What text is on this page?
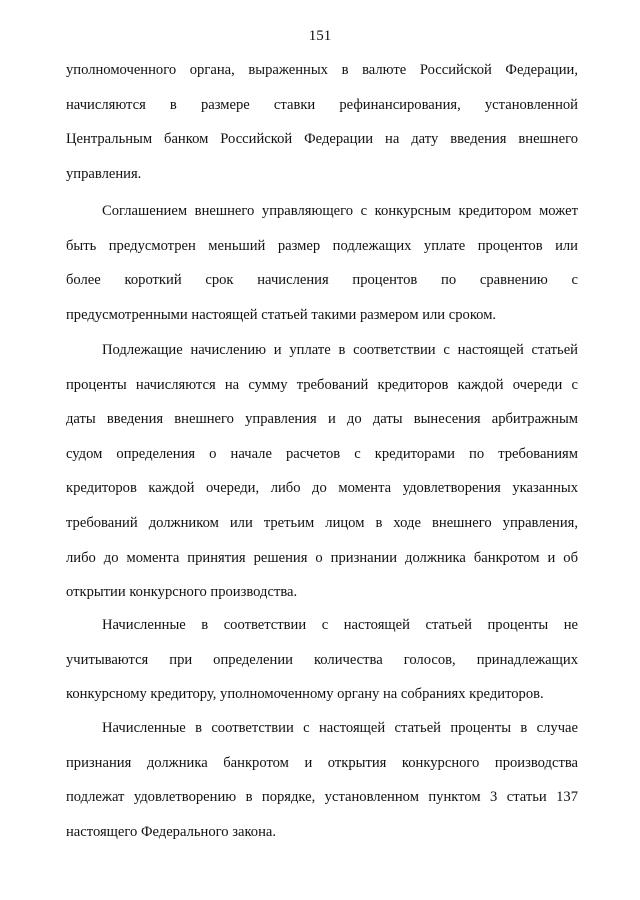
151
уполномоченного органа, выраженных в валюте Российской Федерации,
начисляются в размере ставки рефинансирования, установленной
Центральным банком Российской Федерации на дату введения внешнего
управления.
Соглашением внешнего управляющего с конкурсным кредитором может
быть предусмотрен меньший размер подлежащих уплате процентов или
более короткий срок начисления процентов по сравнению с
предусмотренными настоящей статьей такими размером или сроком.
Подлежащие начислению и уплате в соответствии с настоящей статьей
проценты начисляются на сумму требований кредиторов каждой очереди с
даты введения внешнего управления и до даты вынесения арбитражным
судом определения о начале расчетов с кредиторами по требованиям
кредиторов каждой очереди, либо до момента удовлетворения указанных
требований должником или третьим лицом в ходе внешнего управления,
либо до момента принятия решения о признании должника банкротом и об
открытии конкурсного производства.
Начисленные в соответствии с настоящей статьей проценты не
учитываются при определении количества голосов, принадлежащих
конкурсному кредитору, уполномоченному органу на собраниях кредиторов.
Начисленные в соответствии с настоящей статьей проценты в случае
признания должника банкротом и открытия конкурсного производства
подлежат удовлетворению в порядке, установленном пунктом 3 статьи 137
настоящего Федерального закона.
